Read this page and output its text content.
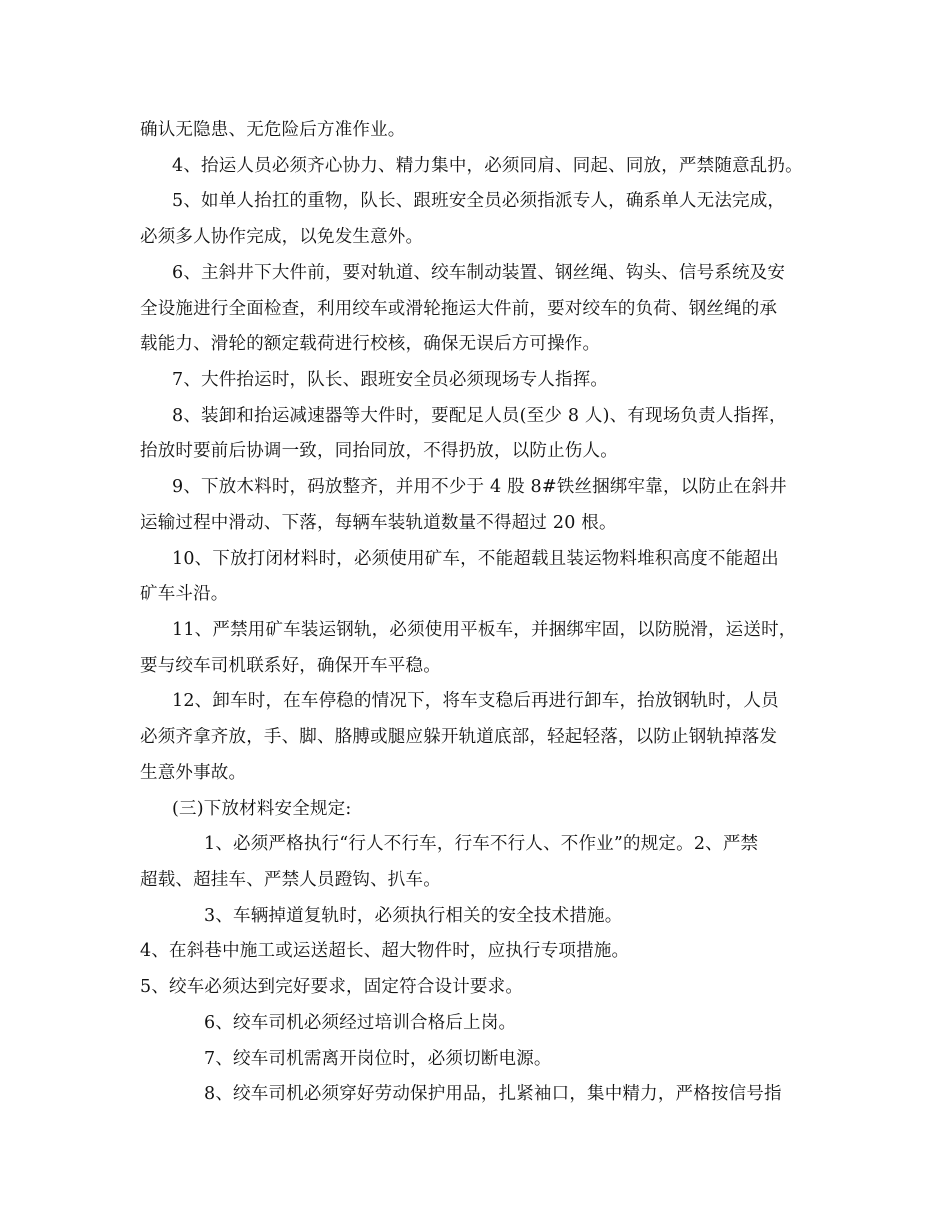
确认无隐患、无危险后方准作业。
4、抬运人员必须齐心协力、精力集中，必须同肩、同起、同放，严禁随意乱扔。
5、如单人抬扛的重物，队长、跟班安全员必须指派专人，确系单人无法完成，
必须多人协作完成，以免发生意外。
6、主斜井下大件前，要对轨道、绞车制动装置、钢丝绳、钩头、信号系统及安
全设施进行全面检查，利用绞车或滑轮拖运大件前，要对绞车的负荷、钢丝绳的承
载能力、滑轮的额定载荷进行校核，确保无误后方可操作。
7、大件抬运时，队长、跟班安全员必须现场专人指挥。
8、装卸和抬运减速器等大件时，要配足人员(至少 8 人)、有现场负责人指挥，
抬放时要前后协调一致，同抬同放，不得扔放，以防止伤人。
9、下放木料时，码放整齐，并用不少于 4 股 8#铁丝捆绑牢靠，以防止在斜井
运输过程中滑动、下落，每辆车装轨道数量不得超过 20 根。
10、下放打闭材料时，必须使用矿车，不能超载且装运物料堆积高度不能超出
矿车斗沿。
11、严禁用矿车装运钢轨，必须使用平板车，并捆绑牢固，以防脱滑，运送时，
要与绞车司机联系好，确保开车平稳。
12、卸车时，在车停稳的情况下，将车支稳后再进行卸车，抬放钢轨时，人员
必须齐拿齐放，手、脚、胳膊或腿应躲开轨道底部，轻起轻落，以防止钢轨掉落发
生意外事故。
(三)下放材料安全规定:
1、必须严格执行“行人不行车，行车不行人、不作业”的规定。2、严禁
超载、超挂车、严禁人员蹬钩、扒车。
3、车辆掉道复轨时，必须执行相关的安全技术措施。
4、在斜巷中施工或运送超长、超大物件时，应执行专项措施。
5、绞车必须达到完好要求，固定符合设计要求。
6、绞车司机必须经过培训合格后上岗。
7、绞车司机需离开岗位时，必须切断电源。
8、绞车司机必须穿好劳动保护用品，扎紧袖口，集中精力，严格按信号指
